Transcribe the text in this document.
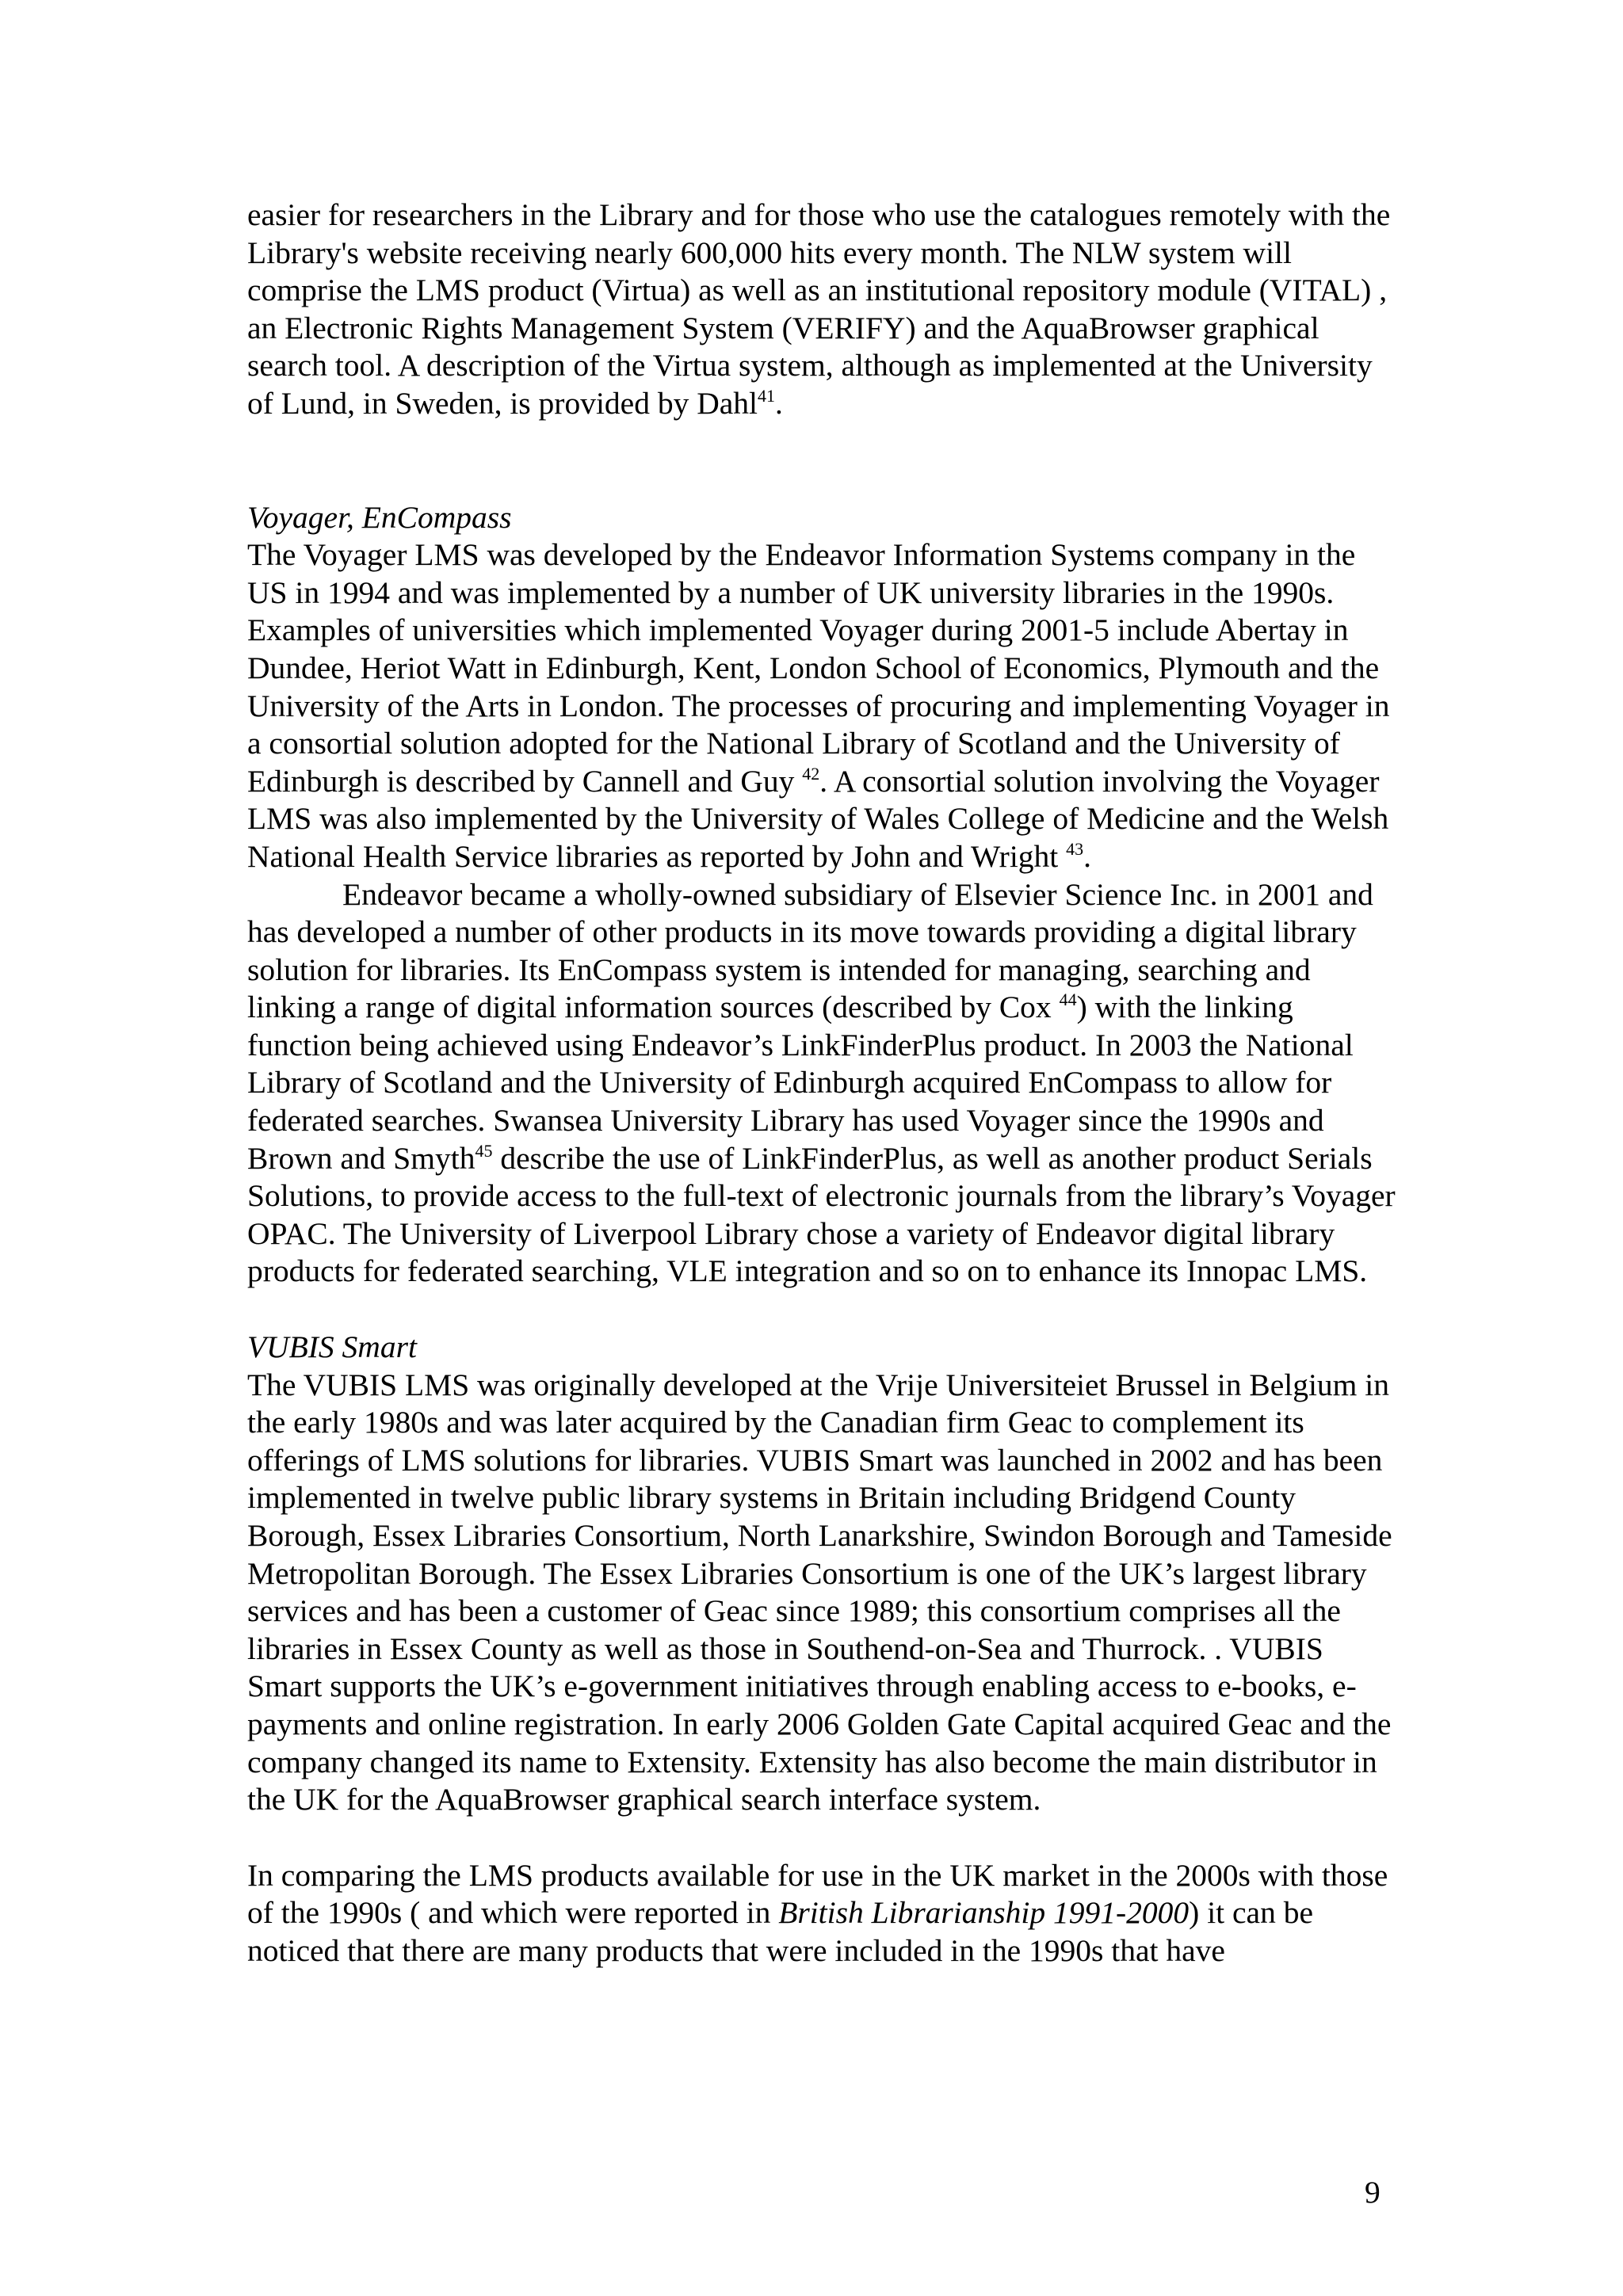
easier for researchers in the Library and for those who use the catalogues remotely with the Library's website receiving nearly 600,000 hits every month. The NLW system will comprise the LMS product (Virtua) as well as an institutional repository module (VITAL) , an Electronic Rights Management System (VERIFY) and the AquaBrowser graphical search tool. A description of the Virtua system, although as implemented at the University of Lund, in Sweden, is provided by Dahl$^{41}$.

Voyager, EnCompass

The Voyager LMS was developed by the Endeavor Information Systems company in the US in 1994 and was implemented by a number of UK university libraries in the 1990s. Examples of universities which implemented Voyager during 2001-5 include Abertay in Dundee, Heriot Watt in Edinburgh, Kent, London School of Economics, Plymouth and the University of the Arts in London. The processes of procuring and implementing Voyager in a consortial solution adopted for the National Library of Scotland and the University of Edinburgh is described by Cannell and Guy $^{42}$. A consortial solution involving the Voyager LMS was also implemented by the University of Wales College of Medicine and the Welsh National Health Service libraries as reported by John and Wright $^{43}$.

Endeavor became a wholly-owned subsidiary of Elsevier Science Inc. in 2001 and has developed a number of other products in its move towards providing a digital library solution for libraries. Its EnCompass system is intended for managing, searching and linking a range of digital information sources (described by Cox $^{44}$) with the linking function being achieved using Endeavor’s LinkFinderPlus product. In 2003 the National Library of Scotland and the University of Edinburgh acquired EnCompass to allow for federated searches. Swansea University Library has used Voyager since the 1990s and Brown and Smyth$^{45}$ describe the use of LinkFinderPlus, as well as another product Serials Solutions, to provide access to the full-text of electronic journals from the library’s Voyager OPAC. The University of Liverpool Library chose a variety of Endeavor digital library products for federated searching, VLE integration and so on to enhance its Innopac LMS.

VUBIS Smart

The VUBIS LMS was originally developed at the Vrije Universiteiet Brussel in Belgium in the early 1980s and was later acquired by the Canadian firm Geac to complement its offerings of LMS solutions for libraries. VUBIS Smart was launched in 2002 and has been implemented in twelve public library systems in Britain including Bridgend County Borough, Essex Libraries Consortium, North Lanarkshire, Swindon Borough and Tameside Metropolitan Borough. The Essex Libraries Consortium is one of the UK’s largest library services and has been a customer of Geac since 1989; this consortium comprises all the libraries in Essex County as well as those in Southend-on-Sea and Thurrock. . VUBIS Smart supports the UK’s e-government initiatives through enabling access to e-books, e-payments and online registration. In early 2006 Golden Gate Capital acquired Geac and the company changed its name to Extensity. Extensity has also become the main distributor in the UK for the AquaBrowser graphical search interface system.

In comparing the LMS products available for use in the UK market in the 2000s with those of the 1990s ( and which were reported in British Librarianship 1991-2000) it can be noticed that there are many products that were included in the 1990s that have

9
